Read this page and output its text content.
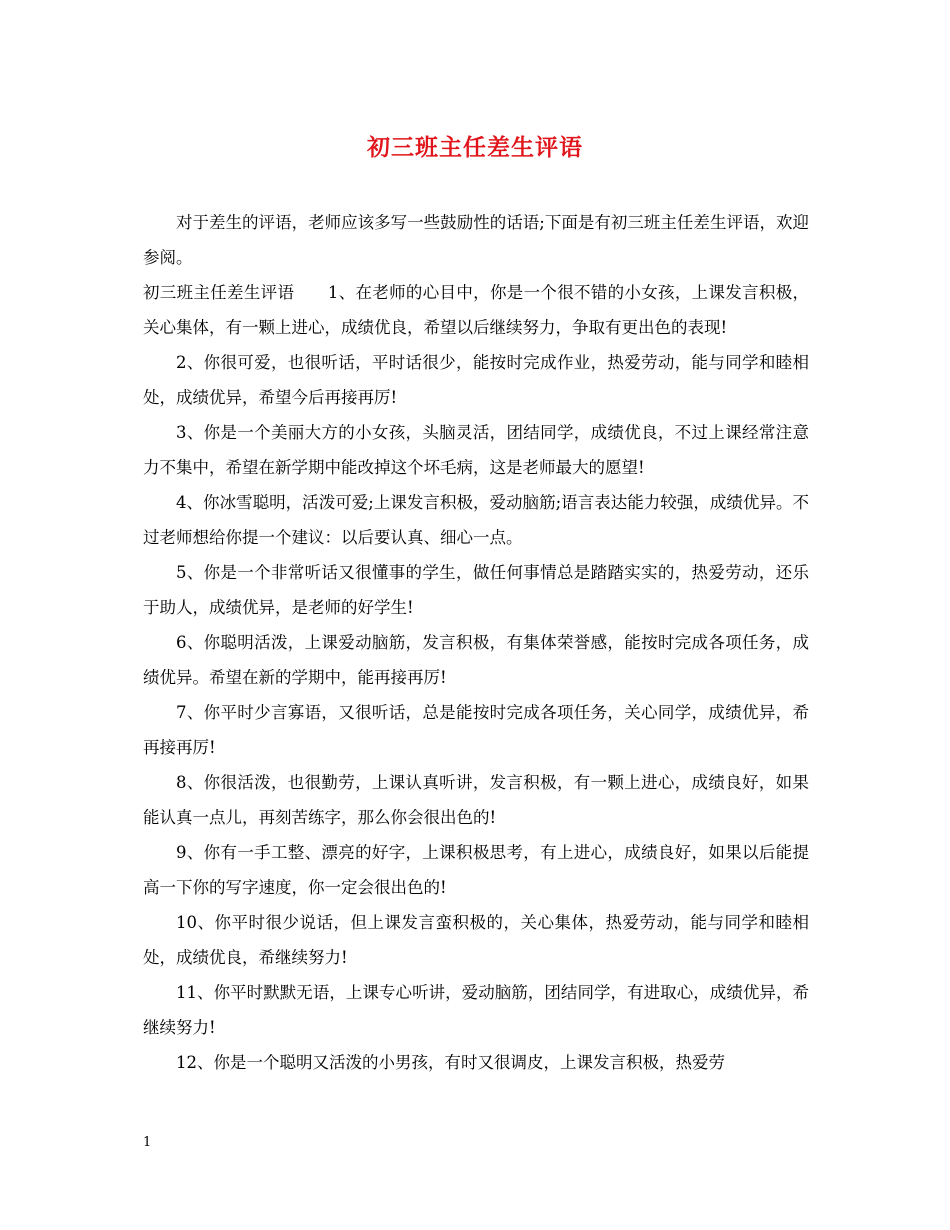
初三班主任差生评语

对于差生的评语，老师应该多写一些鼓励性的话语;下面是有初三班主任差生评语，欢迎参阅。

初三班主任差生评语　　1、在老师的心目中，你是一个很不错的小女孩，上课发言积极，关心集体，有一颗上进心，成绩优良，希望以后继续努力，争取有更出色的表现!

2、你很可爱，也很听话，平时话很少，能按时完成作业，热爱劳动，能与同学和睦相处，成绩优异，希望今后再接再厉!

3、你是一个美丽大方的小女孩，头脑灵活，团结同学，成绩优良，不过上课经常注意力不集中，希望在新学期中能改掉这个坏毛病，这是老师最大的愿望!

4、你冰雪聪明，活泼可爱;上课发言积极，爱动脑筋;语言表达能力较强，成绩优异。不过老师想给你提一个建议：以后要认真、细心一点。

5、你是一个非常听话又很懂事的学生，做任何事情总是踏踏实实的，热爱劳动，还乐于助人，成绩优异，是老师的好学生!

6、你聪明活泼，上课爱动脑筋，发言积极，有集体荣誉感，能按时完成各项任务，成绩优异。希望在新的学期中，能再接再厉!

7、你平时少言寡语，又很听话，总是能按时完成各项任务，关心同学，成绩优异，希再接再厉!

8、你很活泼，也很勤劳，上课认真听讲，发言积极，有一颗上进心，成绩良好，如果能认真一点儿，再刻苦练字，那么你会很出色的!

9、你有一手工整、漂亮的好字，上课积极思考，有上进心，成绩良好，如果以后能提高一下你的写字速度，你一定会很出色的!

10、你平时很少说话，但上课发言蛮积极的，关心集体，热爱劳动，能与同学和睦相处，成绩优良，希继续努力!

11、你平时默默无语，上课专心听讲，爱动脑筋，团结同学，有进取心，成绩优异，希继续努力!

12、你是一个聪明又活泼的小男孩，有时又很调皮，上课发言积极，热爱劳

1
